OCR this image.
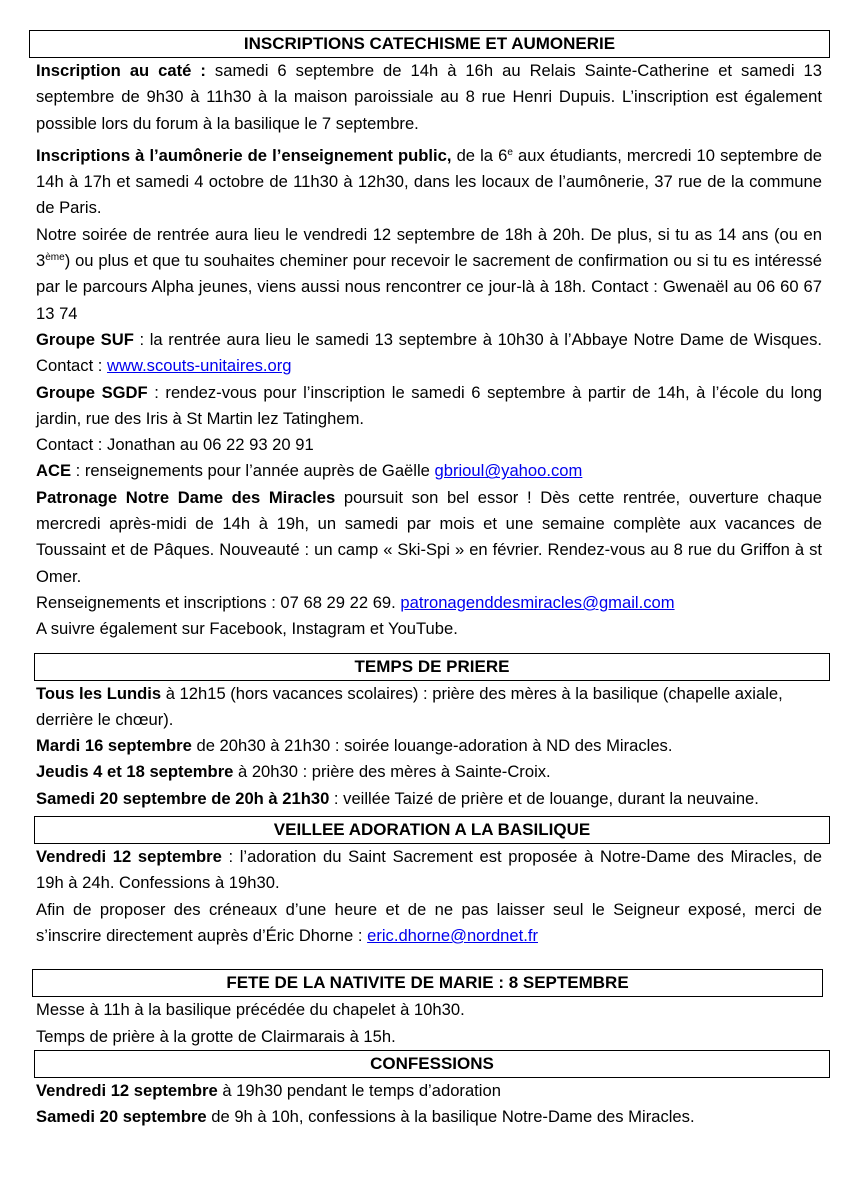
INSCRIPTIONS CATECHISME ET AUMONERIE

Inscription au caté : samedi 6 septembre de 14h à 16h au Relais Sainte-Catherine et samedi 13 septembre de 9h30 à 11h30 à la maison paroissiale au 8 rue Henri Dupuis. L’inscription est également possible lors du forum à la basilique le 7 septembre.

Inscriptions à l’aumônerie de l’enseignement public, de la 6e aux étudiants, mercredi 10 septembre de 14h à 17h et samedi 4 octobre de 11h30 à 12h30, dans les locaux de l’aumônerie, 37 rue de la commune de Paris.

Notre soirée de rentrée aura lieu le vendredi 12 septembre de 18h à 20h. De plus, si tu as 14 ans (ou en 3ème) ou plus et que tu souhaites cheminer pour recevoir le sacrement de confirmation ou si tu es intéressé par le parcours Alpha jeunes, viens aussi nous rencontrer ce jour-là à 18h. Contact : Gwenaël au 06 60 67 13 74

Groupe SUF : la rentrée aura lieu le samedi 13 septembre à 10h30 à l’Abbaye Notre Dame de Wisques. Contact : www.scouts-unitaires.org

Groupe SGDF : rendez-vous pour l’inscription le samedi 6 septembre à partir de 14h, à l’école du long jardin, rue des Iris à St Martin lez Tatinghem.

Contact : Jonathan au 06 22 93 20 91

ACE : renseignements pour l’année auprès de Gaëlle gbrioul@yahoo.com

Patronage Notre Dame des Miracles poursuit son bel essor ! Dès cette rentrée, ouverture chaque mercredi après-midi de 14h à 19h, un samedi par mois et une semaine complète aux vacances de Toussaint et de Pâques. Nouveauté : un camp « Ski-Spi » en février. Rendez-vous au 8 rue du Griffon à st Omer.

Renseignements et inscriptions : 07 68 29 22 69. patronagenddesmiracles@gmail.com

A suivre également sur Facebook, Instagram et YouTube.

TEMPS DE PRIERE

Tous les Lundis à 12h15 (hors vacances scolaires) : prière des mères à la basilique (chapelle axiale, derrière le chœur).

Mardi 16 septembre de 20h30 à 21h30 : soirée louange-adoration à ND des Miracles.

Jeudis 4 et 18 septembre à 20h30 : prière des mères à Sainte-Croix.

Samedi 20 septembre de 20h à 21h30 : veillée Taizé de prière et de louange, durant la neuvaine.

VEILLEE ADORATION A LA BASILIQUE

Vendredi 12 septembre : l’adoration du Saint Sacrement est proposée à Notre-Dame des Miracles, de 19h à 24h. Confessions à 19h30.

Afin de proposer des créneaux d’une heure et de ne pas laisser seul le Seigneur exposé, merci de s’inscrire directement auprès d’Éric Dhorne : eric.dhorne@nordnet.fr

FETE DE LA NATIVITE DE MARIE : 8 SEPTEMBRE

Messe à 11h à la basilique précédée du chapelet à 10h30.

Temps de prière à la grotte de Clairmarais à 15h.

CONFESSIONS

Vendredi 12 septembre à 19h30 pendant le temps d’adoration

Samedi 20 septembre de 9h à 10h, confessions à la basilique Notre-Dame des Miracles.
